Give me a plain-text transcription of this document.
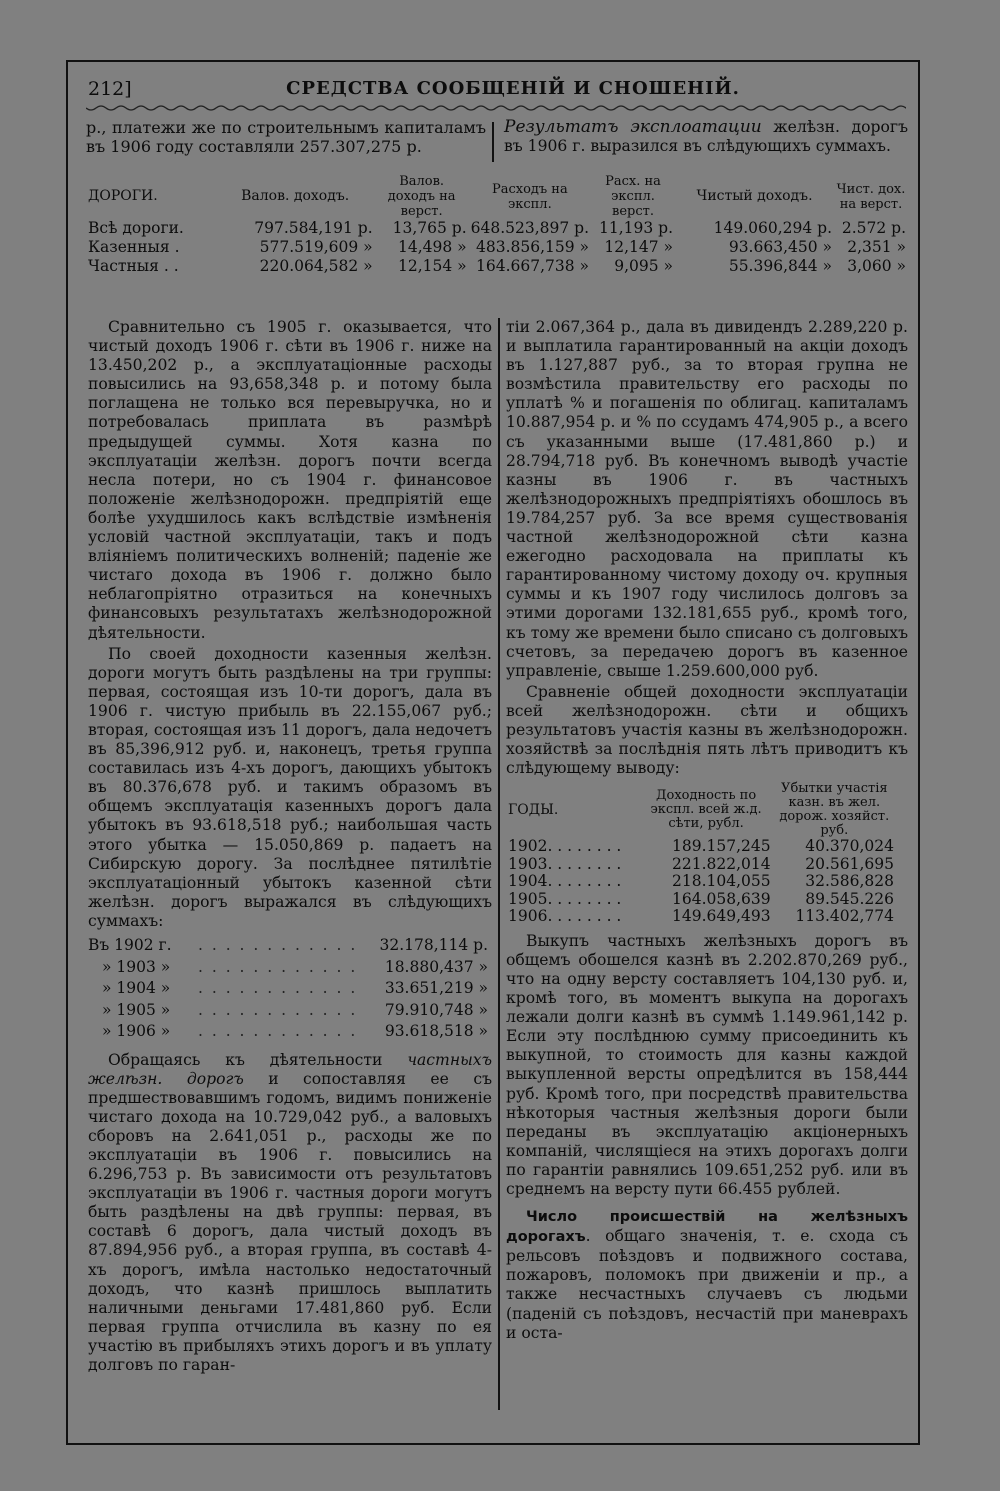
212]	СРЕДСТВА СООБЩЕНІЙ И СНОШЕНІЙ.

р., платежи же по строительнымъ капиталамъ въ 1906 году составляли 257.307,275 р.

Результатъ эксплоатации желѣзн. дорогъ въ 1906 г. выразился въ слѣдующихъ суммахъ.

ДОРОГИ.	Валов. доходъ.	Валов. доходъ на верст.	Расходъ на экспл.	Расх. на экспл. верст.	Чистый доходъ.	Чист. дох. на верст.
Всѣ дороги.	797.584,191 р.	13,765 р.	648.523,897 р.	11,193 р.	149.060,294 р.	2.572 р.
Казенныя .	577.519,609 »	14,498 »	483.856,159 »	12,147 »	93.663,450 »	2,351 »
Частныя . .	220.064,582 »	12,154 »	164.667,738 »	9,095 »	55.396,844 »	3,060 »

Сравнительно съ 1905 г. оказывается, что чистый доходъ 1906 г. сѣти въ 1906 г. ниже на 13.450,202 р., а эксплуатаціонные расходы повысились на 93,658,348 р. и потому была поглащена не только вся перевыручка, но и потребовалась приплата въ размѣрѣ предыдущей суммы. Хотя казна по эксплуатаціи желѣзн. дорогъ почти всегда несла потери, но съ 1904 г. финансовое положеніе желѣзнодорожн. предпріятій еще болѣе ухудшилось какъ вслѣдствіе измѣненія условій частной эксплуатаціи, такъ и подъ вліяніемъ политическихъ волненій; паденіе же чистаго дохода въ 1906 г. должно было неблагопріятно отразиться на конечныхъ финансовыхъ результатахъ желѣзнодорожной дѣятельности.

По своей доходности казенныя желѣзн. дороги могутъ быть раздѣлены на три группы: первая, состоящая изъ 10-ти дорогъ, дала въ 1906 г. чистую прибыль въ 22.155,067 руб.; вторая, состоящая изъ 11 дорогъ, дала недочетъ въ 85,396,912 руб. и, наконецъ, третья группа составилась изъ 4-хъ дорогъ, дающихъ убытокъ въ 80.376,678 руб. и такимъ образомъ въ общемъ эксплуатація казенныхъ дорогъ дала убытокъ въ 93.618,518 руб.; наибольшая часть этого убытка — 15.050,869 р. падаетъ на Сибирскую дорогу. За послѣднее пятилѣтіе эксплуатаціонный убытокъ казенной сѣти желѣзн. дорогъ выражался въ слѣдующихъ суммахъ:

Въ 1902 г.	. . . . . . . . . . . .	32.178,114 р.
» 1903 »	. . . . . . . . . . . .	18.880,437 »
» 1904 »	. . . . . . . . . . . .	33.651,219 »
» 1905 »	. . . . . . . . . . . .	79.910,748 »
» 1906 »	. . . . . . . . . . . .	93.618,518 »

Обращаясь къ дѣятельности частныхъ желѣзн. дорогъ и сопоставляя ее съ предшествовавшимъ годомъ, видимъ пониженіе чистаго дохода на 10.729,042 руб., а валовыхъ сборовъ на 2.641,051 р., расходы же по эксплуатаціи въ 1906 г. повысились на 6.296,753 р. Въ зависимости отъ результатовъ эксплуатаціи въ 1906 г. частныя дороги могутъ быть раздѣлены на двѣ группы: первая, въ составѣ 6 дорогъ, дала чистый доходъ въ 87.894,956 руб., а вторая группа, въ составѣ 4-хъ дорогъ, имѣла настолько недостаточный доходъ, что казнѣ пришлось выплатить наличными деньгами 17.481,860 руб. Если первая группа отчислила въ казну по ея участію въ прибыляхъ этихъ дорогъ и въ уплату долговъ по гаран-

тіи 2.067,364 р., дала въ дивидендъ 2.289,220 р. и выплатила гарантированный на акціи доходъ въ 1.127,887 руб., за то вторая групна не возмѣстила правительству его расходы по уплатѣ % и погашенія по облигац. капиталамъ 10.887,954 р. и % по ссудамъ 474,905 р., а всего съ указанными выше (17.481,860 р.) и 28.794,718 руб. Въ конечномъ выводѣ участіе казны въ 1906 г. въ частныхъ желѣзнодорожныхъ предпріятіяхъ обошлось въ 19.784,257 руб. За все время существованія частной желѣзнодорожной сѣти казна ежегодно расходовала на приплаты къ гарантированному чистому доходу оч. крупныя суммы и къ 1907 году числилось долговъ за этими дорогами 132.181,655 руб., кромѣ того, къ тому же времени было списано съ долговыхъ счетовъ, за передачею дорогъ въ казенное управленіе, свыше 1.259.600,000 руб.

Сравненіе общей доходности эксплуатаціи всей желѣзнодорожн. сѣти и общихъ результатовъ участія казны въ желѣзнодорожн. хозяйствѣ за послѣднія пять лѣтъ приводитъ къ слѣдующему выводу:

ГОДЫ.	Доходность по экспл. всей ж.д. сѣти, рубл.	Убытки участія казн. въ жел. дорож. хозяйст. руб.
1902. . . . . . . .	189.157,245	40.370,024
1903. . . . . . . .	221.822,014	20.561,695
1904. . . . . . . .	218.104,055	32.586,828
1905. . . . . . . .	164.058,639	89.545.226
1906. . . . . . . .	149.649,493	113.402,774

Выкупъ частныхъ желѣзныхъ дорогъ въ общемъ обошелся казнѣ въ 2.202.870,269 руб., что на одну версту составляетъ 104,130 руб. и, кромѣ того, въ моментъ выкупа на дорогахъ лежали долги казнѣ въ суммѣ 1.149.961,142 р. Если эту послѣднюю сумму присоединить къ выкупной, то стоимость для казны каждой выкупленной версты опредѣлится въ 158,444 руб. Кромѣ того, при посредствѣ правительства нѣкоторыя частныя желѣзныя дороги были переданы въ эксплуатацію акціонерныхъ компаній, числящіеся на этихъ дорогахъ долги по гарантіи равнялись 109.651,252 руб. или въ среднемъ на версту пути 66.455 рублей.

Число происшествій на желѣзныхъ дорогахъ. общаго значенія, т. е. схода съ рельсовъ поѣздовъ и подвижного состава, пожаровъ, поломокъ при движеніи и пр., а также несчастныхъ случаевъ съ людьми (паденій съ поѣздовъ, несчастій при маневрахъ и оста-
